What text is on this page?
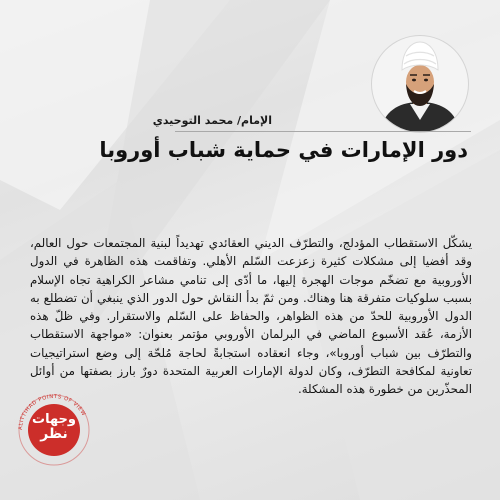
الإمام/ محمد التوحيدي
دور الإمارات في حماية شباب أوروبا

يشكّل الاستقطاب المؤدلج، والتطرّف الديني العقائدي تهديداً لبنية المجتمعات حول العالم، وقد أفضيا إلى مشكلات كثيرة زعزعت السّلم الأهلي. وتفاقمت هذه الظاهرة في الدول الأوروبية مع تضخّم موجات الهجرة إليها، ما أدّى إلى تنامي مشاعر الكراهية تجاه الإسلام بسبب سلوكيات متفرقة هنا وهناك. ومن ثمّ بدأ النقاش حول الدور الذي ينبغي أن تضطلع به الدول الأوروبية للحدّ من هذه الظواهر، والحفاظ على السّلم والاستقرار. وفي ظلّ هذه الأزمة، عُقد الأسبوع الماضي في البرلمان الأوروبي مؤتمر بعنوان: «مواجهة الاستقطاب والتطرّف بين شباب أوروبا»، وجاء انعقاده استجابةً لحاجة مُلحّة إلى وضع استراتيجيات تعاونية لمكافحة التطرّف، وكان لدولة الإمارات العربية المتحدة دورٌ بارز بصفتها من أوائل المحذّرين من خطورة هذه المشكلة.

ALITTIHAD POINTS OF VIEW
وجهات
نظر
